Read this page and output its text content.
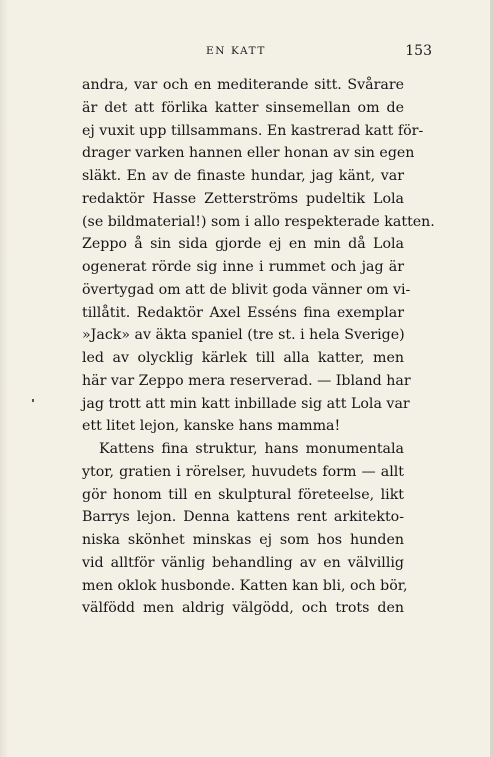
EN KATT	153
andra, var och en mediterande sitt. Svårare
är det att förlika katter sinsemellan om de
ej vuxit upp tillsammans. En kastrerad katt för-
drager varken hannen eller honan av sin egen
släkt. En av de finaste hundar, jag känt, var
redaktör Hasse Zetterströms pudeltik Lola
(se bildmaterial!) som i allo respekterade katten.
Zeppo å sin sida gjorde ej en min då Lola
ogenerat rörde sig inne i rummet och jag är
övertygad om att de blivit goda vänner om vi-
tillåtit. Redaktör Axel Esséns fina exemplar
»Jack» av äkta spaniel (tre st. i hela Sverige)
led av olycklig kärlek till alla katter, men
här var Zeppo mera reserverad. — Ibland har
jag trott att min katt inbillade sig att Lola var
ett litet lejon, kanske hans mamma!
Kattens fina struktur, hans monumentala
ytor, gratien i rörelser, huvudets form — allt
gör honom till en skulptural företeelse, likt
Barrys lejon. Denna kattens rent arkitekto-
niska skönhet minskas ej som hos hunden
vid alltför vänlig behandling av en välvillig
men oklok husbonde. Katten kan bli, och bör,
välfödd men aldrig välgödd, och trots den
